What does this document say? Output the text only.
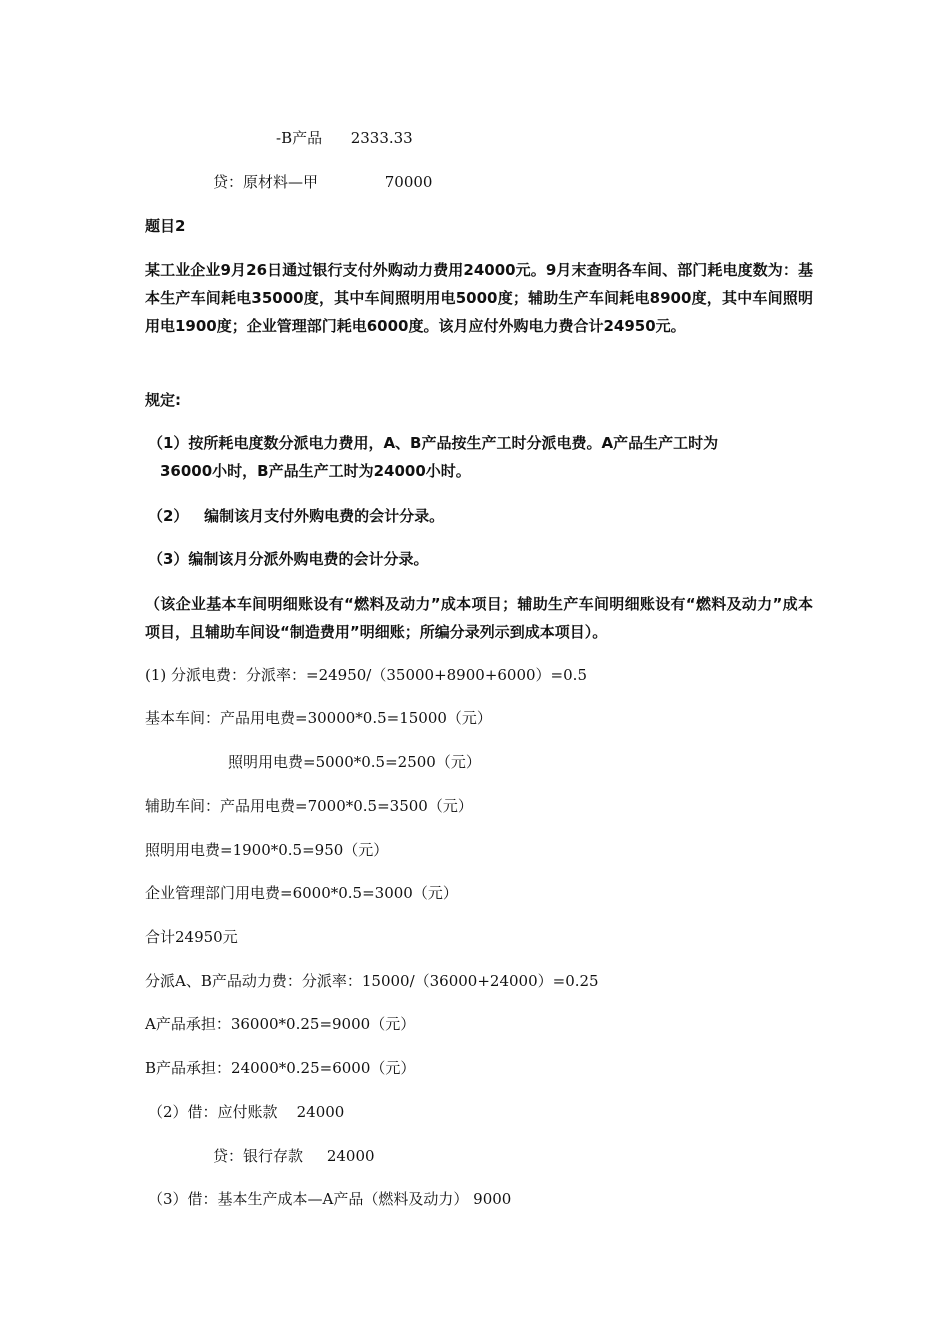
-B产品      2333.33
贷：原材料—甲              70000
题目2
某工业企业9月26日通过银行支付外购动力费用24000元。9月末查明各车间、部门耗电度数为：基本生产车间耗电35000度，其中车间照明用电5000度；辅助生产车间耗电8900度，其中车间照明用电1900度；企业管理部门耗电6000度。该月应付外购电力费合计24950元。
规定:
（1）按所耗电度数分派电力费用，A、B产品按生产工时分派电费。A产品生产工时为
36000小时，B产品生产工时为24000小时。
（2）   编制该月支付外购电费的会计分录。
（3）编制该月分派外购电费的会计分录。
（该企业基本车间明细账设有“燃料及动力”成本项目；辅助生产车间明细账设有“燃料及动力”成本项目，且辅助车间设“制造费用”明细账；所编分录列示到成本项目）。
(1) 分派电费：分派率：=24950/（35000+8900+6000）=0.5
基本车间：产品用电费=30000*0.5=15000（元）
照明用电费=5000*0.5=2500（元）
辅助车间：产品用电费=7000*0.5=3500（元）
照明用电费=1900*0.5=950（元）
企业管理部门用电费=6000*0.5=3000（元）
合计24950元
分派A、B产品动力费：分派率：15000/（36000+24000）=0.25
A产品承担：36000*0.25=9000（元）
B产品承担：24000*0.25=6000（元）
（2）借：应付账款    24000
贷：银行存款     24000
（3）借：基本生产成本—A产品（燃料及动力） 9000
